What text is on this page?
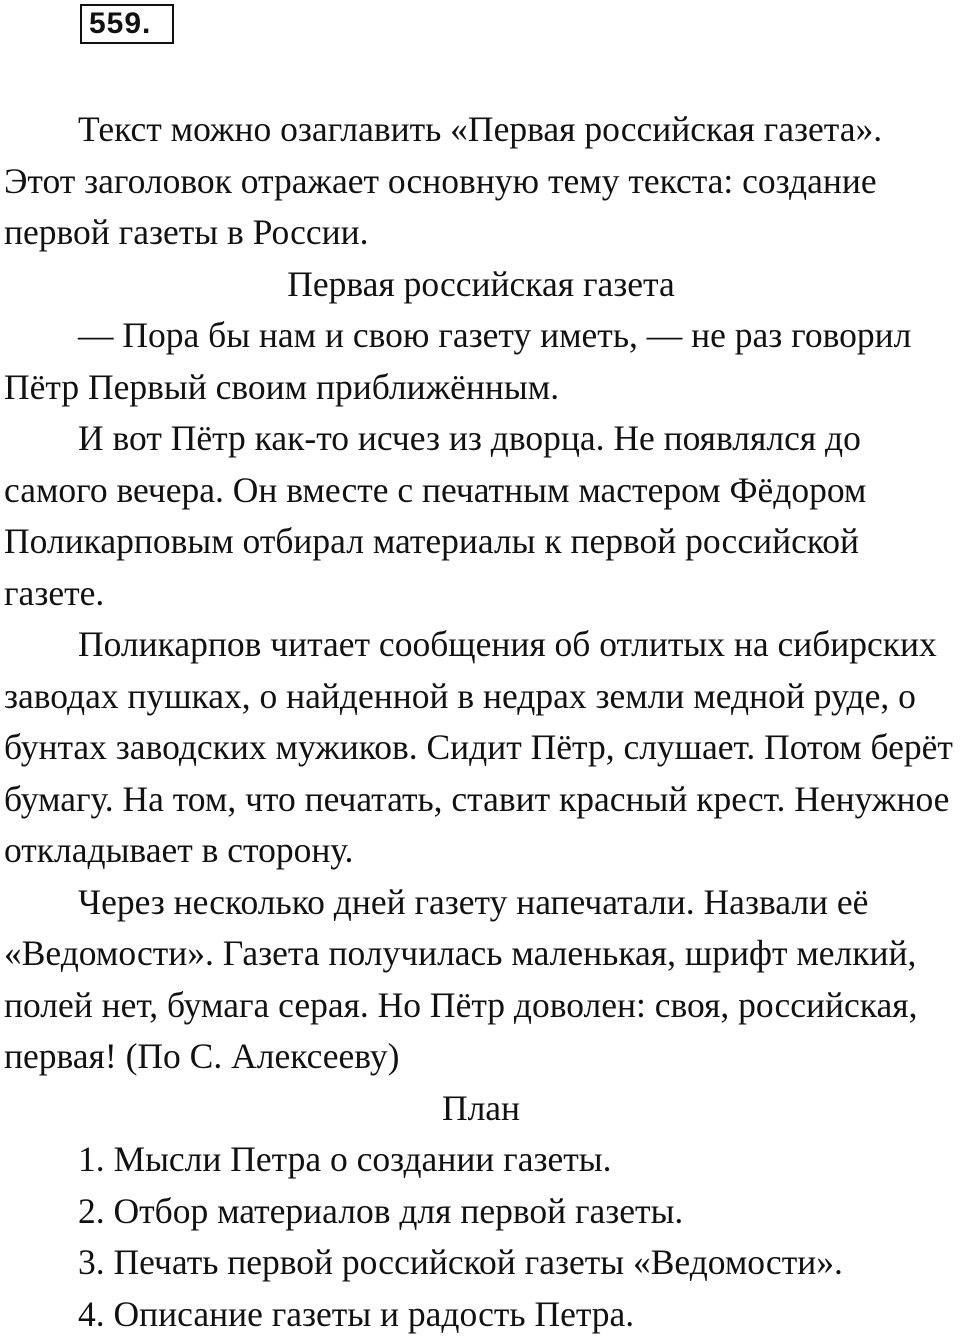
559.

Текст можно озаглавить «Первая российская газета». Этот заголовок отражает основную тему текста: создание первой газеты в России.

Первая российская газета

— Пора бы нам и свою газету иметь, — не раз говорил Пётр Первый своим приближённым.

И вот Пётр как-то исчез из дворца. Не появлялся до самого вечера. Он вместе с печатным мастером Фёдором Поликарповым отбирал материалы к первой российской газете.

Поликарпов читает сообщения об отлитых на сибирских заводах пушках, о найденной в недрах земли медной руде, о бунтах заводских мужиков. Сидит Пётр, слушает. Потом берёт бумагу. На том, что печатать, ставит красный крест. Ненужное откладывает в сторону.

Через несколько дней газету напечатали. Назвали её «Ведомости». Газета получилась маленькая, шрифт мелкий, полей нет, бумага серая. Но Пётр доволен: своя, российская, первая! (По С. Алексееву)

План

1. Мысли Петра о создании газеты.
2. Отбор материалов для первой газеты.
3. Печать первой российской газеты «Ведомости».
4. Описание газеты и радость Петра.
